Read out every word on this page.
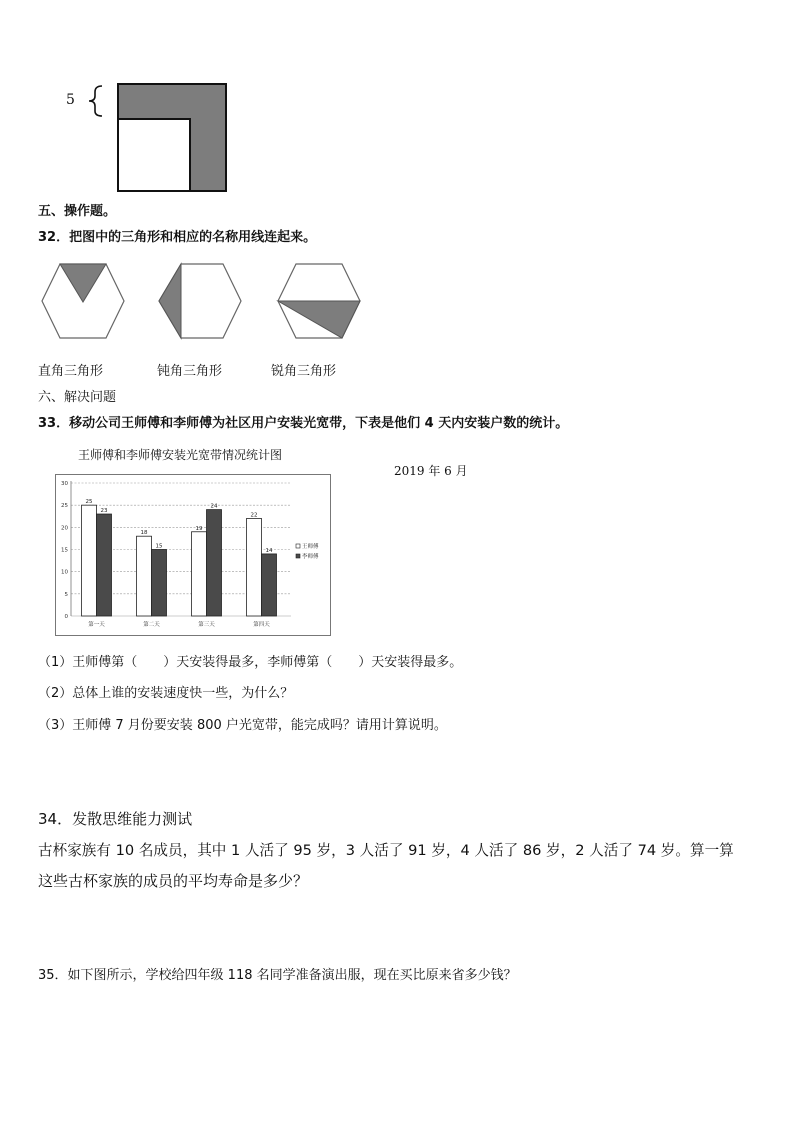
5
五、操作题。
32．把图中的三角形和相应的名称用线连起来。
直角三角形	钝角三角形	锐角三角形
六、解决问题
33．移动公司王师傅和李师傅为社区用户安装光宽带，下表是他们 4 天内安装户数的统计。
王师傅和李师傅安装光宽带情况统计图
2019 年 6 月
0
5
10
15
20
25
30
25
23
第一天
18
15
第二天
19
24
第三天
22
14
第四天
王师傅
李师傅
（1）王师傅第（　　）天安装得最多，李师傅第（　　）天安装得最多。
（2）总体上谁的安装速度快一些，为什么？
（3）王师傅 7 月份要安装 800 户光宽带，能完成吗？请用计算说明。
34．发散思维能力测试
古杯家族有 10 名成员，其中 1 人活了 95 岁，3 人活了 91 岁，4 人活了 86 岁，2 人活了 74 岁。算一算
这些古杯家族的成员的平均寿命是多少？
35．如下图所示，学校给四年级 118 名同学准备演出服，现在买比原来省多少钱？
